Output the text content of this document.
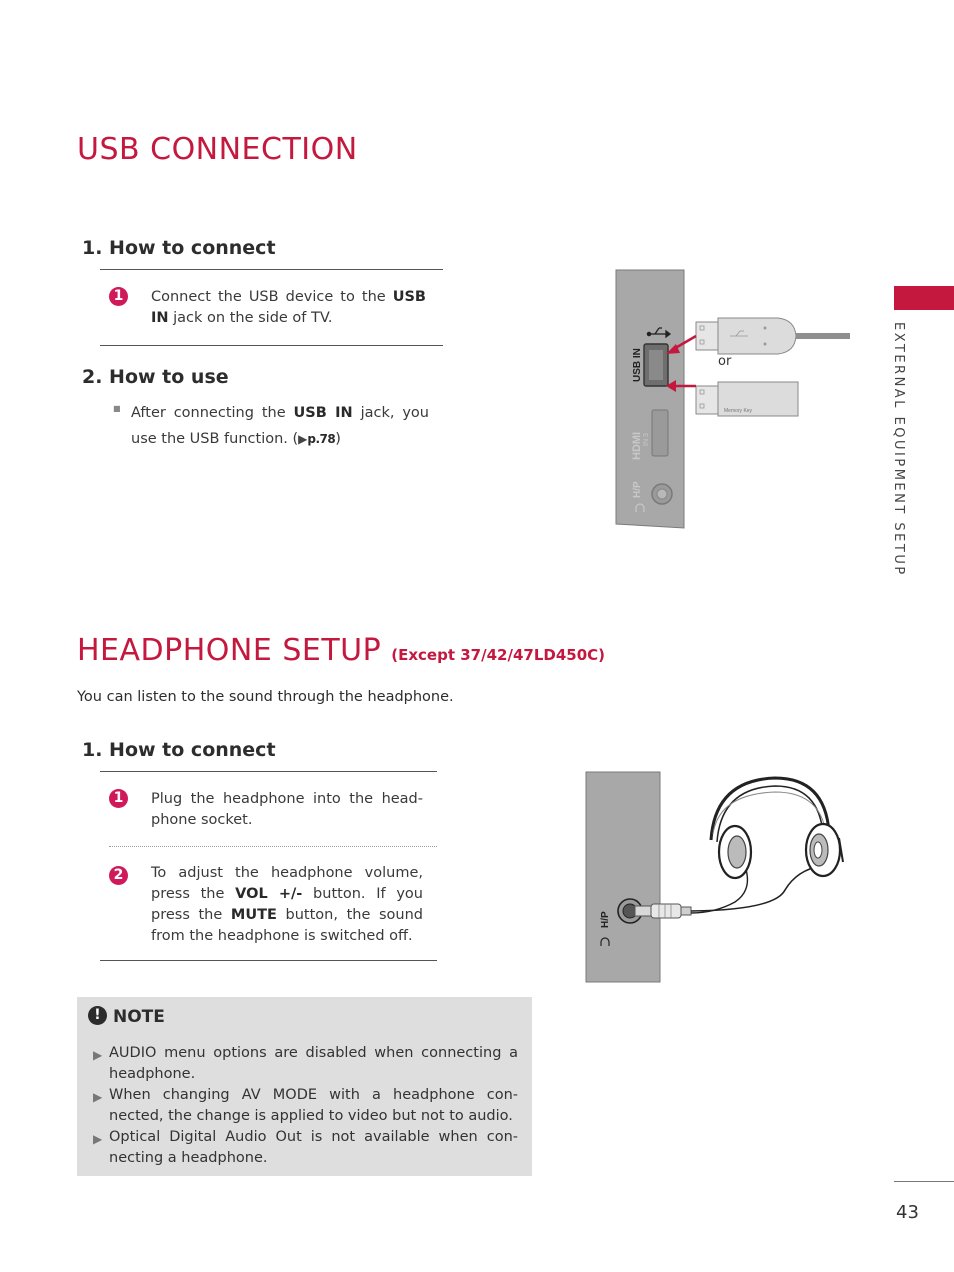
EXTERNAL EQUIPMENT SETUP
USB CONNECTION
1. How to connect
1	Connect the USB device to the USB IN jack on the side of TV.
2. How to use
■ After connecting the USB IN jack, you use the USB function. (▶p.78)
USB IN
HDMI IN 3
H/P
or
Memory Key
HEADPHONE SETUP (Except 37/42/47LD450C)
You can listen to the sound through the headphone.
1. How to connect
1	Plug the headphone into the head-phone socket.
2	To adjust the headphone volume, press the VOL +/- button. If you press the MUTE button, the sound from the headphone is switched off.
H/P
! NOTE
▶ AUDIO menu options are disabled when connecting a headphone.
▶ When changing AV MODE with a headphone con-nected, the change is applied to video but not to audio.
▶ Optical Digital Audio Out is not available when con-necting a headphone.
43
